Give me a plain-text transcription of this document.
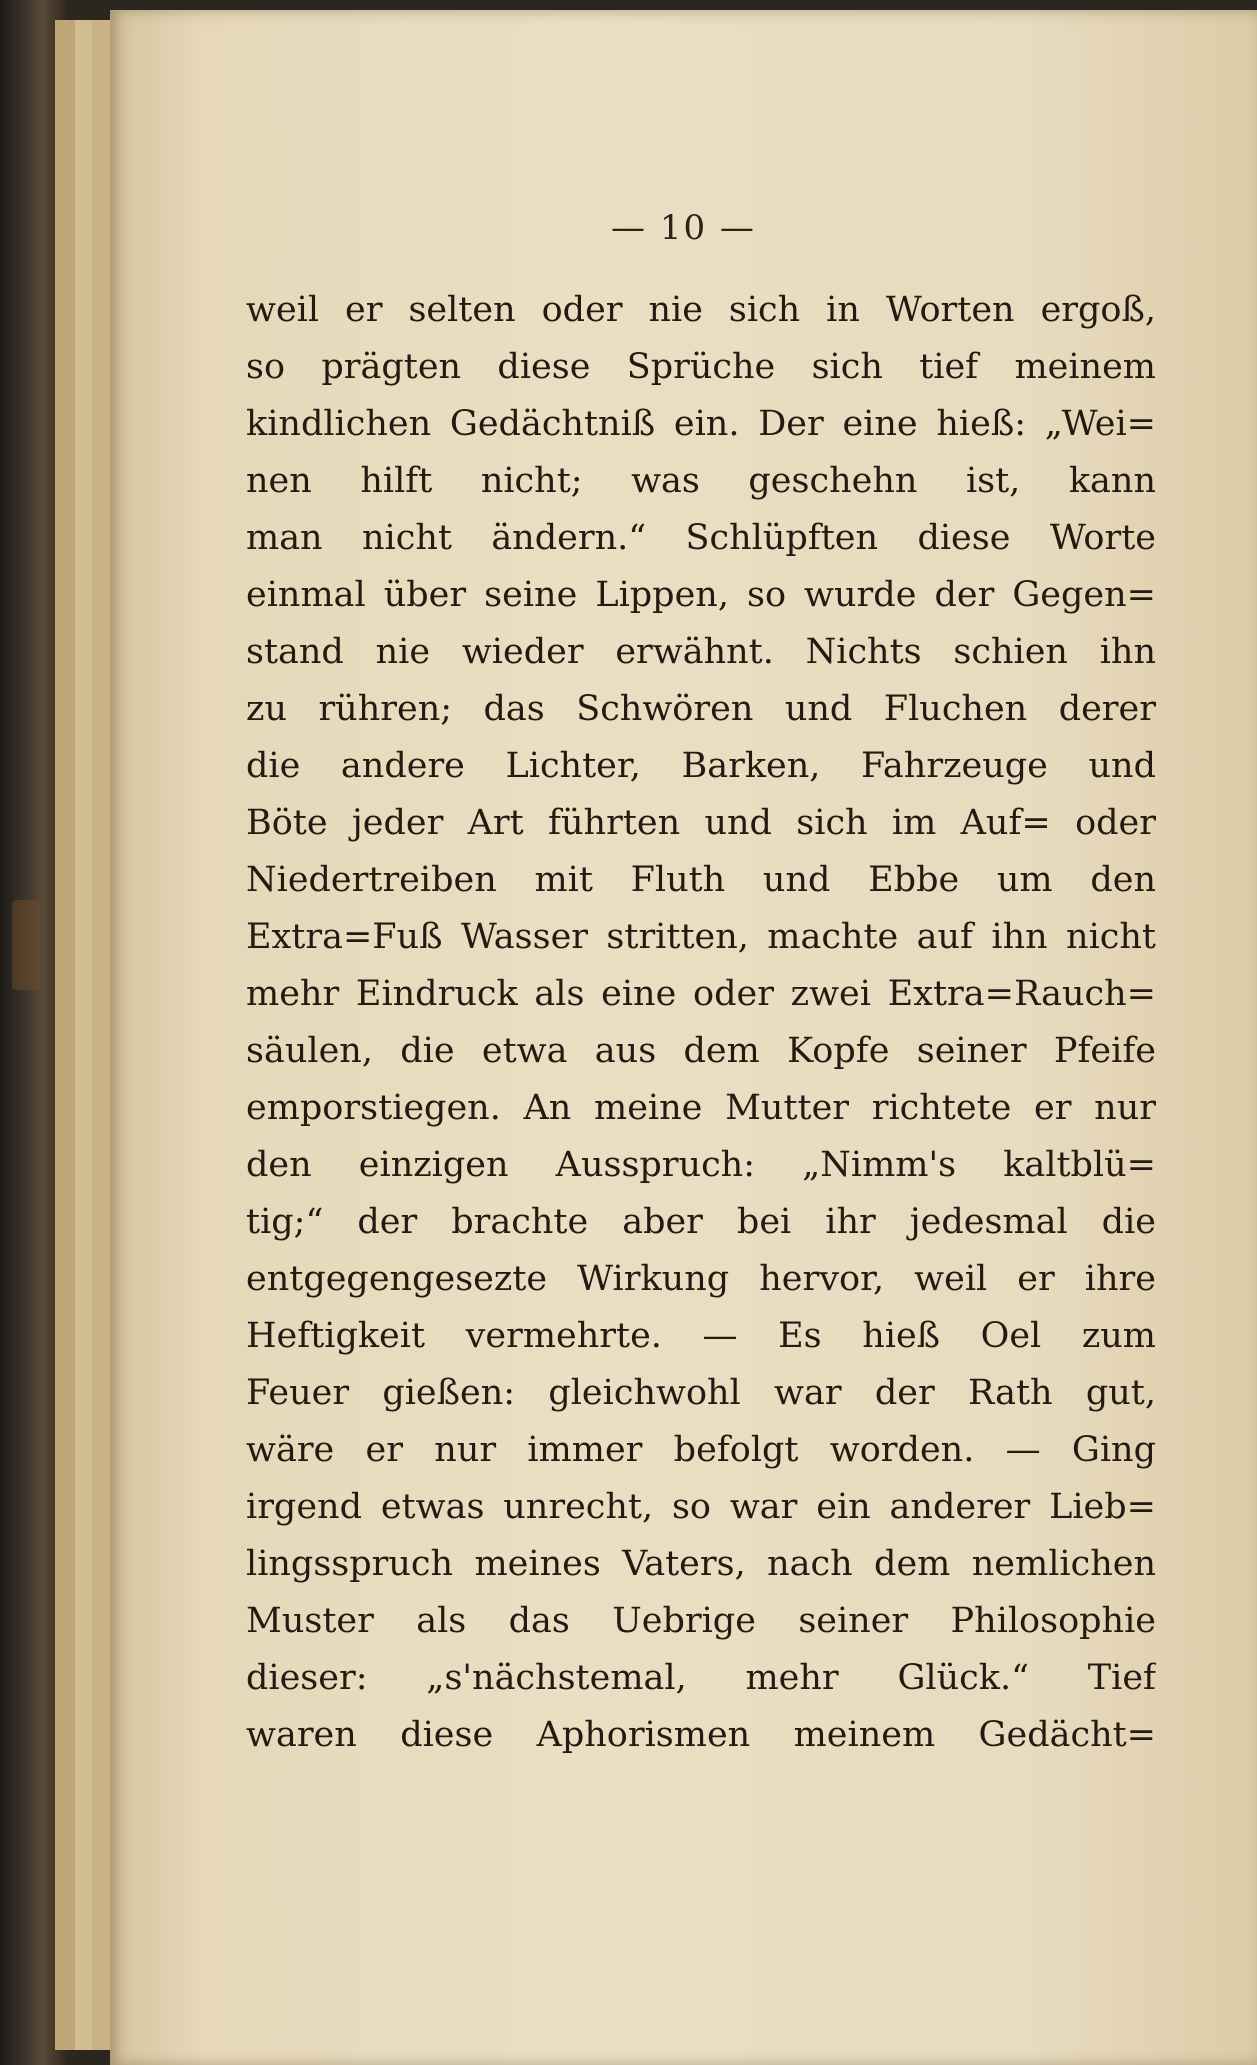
— 10 —
weil er selten oder nie sich in Worten ergoß,
so prägten diese Sprüche sich tief meinem
kindlichen Gedächtniß ein. Der eine hieß: „Wei=
nen hilft nicht; was geschehn ist, kann
man nicht ändern.“ Schlüpften diese Worte
einmal über seine Lippen, so wurde der Gegen=
stand nie wieder erwähnt. Nichts schien ihn
zu rühren; das Schwören und Fluchen derer
die andere Lichter, Barken, Fahrzeuge und
Böte jeder Art führten und sich im Auf= oder
Niedertreiben mit Fluth und Ebbe um den
Extra=Fuß Wasser stritten, machte auf ihn nicht
mehr Eindruck als eine oder zwei Extra=Rauch=
säulen, die etwa aus dem Kopfe seiner Pfeife
emporstiegen. An meine Mutter richtete er nur
den einzigen Ausspruch: „Nimm's kaltblü=
tig;“ der brachte aber bei ihr jedesmal die
entgegengesezte Wirkung hervor, weil er ihre
Heftigkeit vermehrte. — Es hieß Oel zum
Feuer gießen: gleichwohl war der Rath gut,
wäre er nur immer befolgt worden. — Ging
irgend etwas unrecht, so war ein anderer Lieb=
lingsspruch meines Vaters, nach dem nemlichen
Muster als das Uebrige seiner Philosophie
dieser: „s'nächstemal, mehr Glück.“ Tief
waren diese Aphorismen meinem Gedächt=
